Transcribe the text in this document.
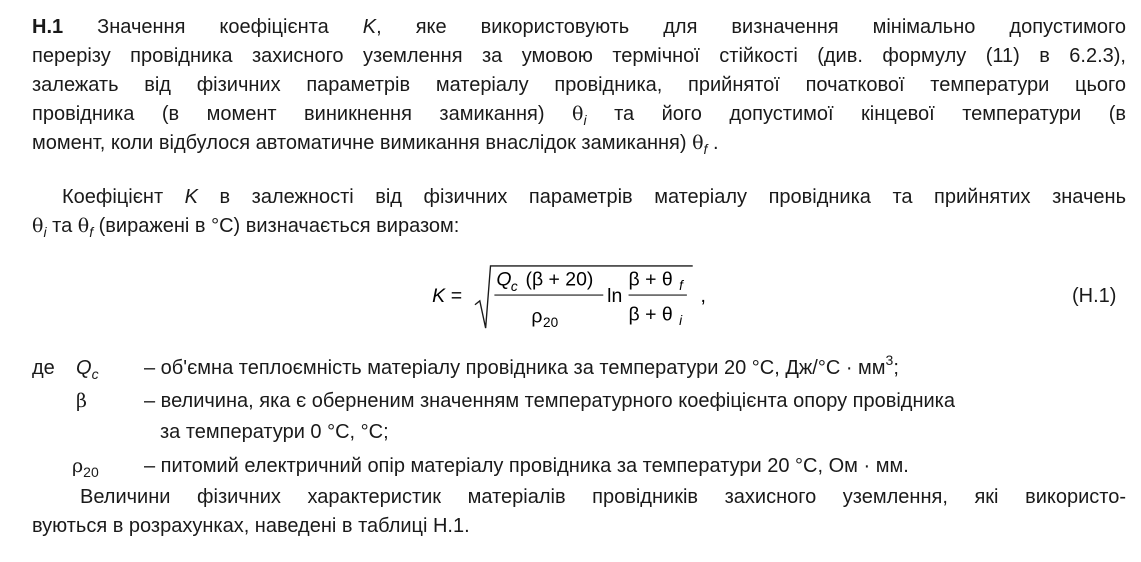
Н.1 Значення коефіцієнта K, яке використовують для визначення мінімально допустимого
перерізу провідника захисного уземлення за умовою термічної стійкості (див. формулу (11) в 6.2.3),
залежать від фізичних параметрів матеріалу провідника, прийнятої початкової температури цього
провідника (в момент виникнення замикання) $\theta_i$ та його допустимої кінцевої температури (в
момент, коли відбулося автоматичне вимикання внаслідок замикання) $\theta_f$ .
Коефіцієнт K в залежності від фізичних параметрів матеріалу провідника та прийнятих значень
$\theta_i$ та $\theta_f$ (виражені в °С) визначається виразом:
K =
Q c (β + 20)
ρ 20
ln
β + θ f
β + θ i
,	(Н.1)
де $Q_c$	– об'ємна теплоємність матеріалу провідника за температури 20 °С, $Дж/^\circ С \cdot мм^3$;
β	– величина, яка є оберненим значенням температурного коефіцієнта опору провідника
за температури 0 °С, °С;
$\rho_{20}$	– питомий електричний опір матеріалу провідника за температури 20 °С, Ом · мм.
Величини фізичних характеристик матеріалів провідників захисного уземлення, які використо-
вуються в розрахунках, наведені в таблиці Н.1.
